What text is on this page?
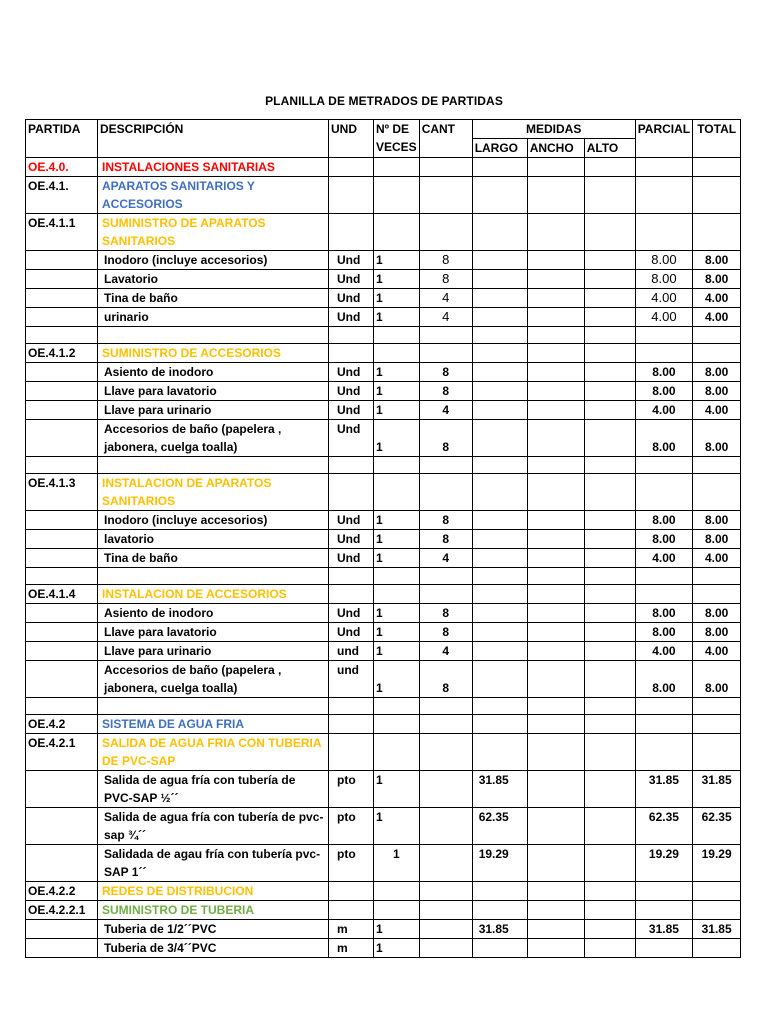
PLANILLA DE METRADOS DE PARTIDAS
PARTIDA	DESCRIPCIÓN	UND	Nº DE VECES	CANT	MEDIDAS			PARCIAL	TOTAL
					LARGO	ANCHO	ALTO		
OE.4.0.	INSTALACIONES SANITARIAS								
OE.4.1.	APARATOS SANITARIOS Y ACCESORIOS								
OE.4.1.1	SUMINISTRO DE APARATOS SANITARIOS								
	Inodoro (incluye accesorios)	Und	1	8				8.00	8.00
	Lavatorio	Und	1	8				8.00	8.00
	Tina de baño	Und	1	4				4.00	4.00
	urinario	Und	1	4				4.00	4.00

OE.4.1.2	SUMINISTRO DE ACCESORIOS								
	Asiento de inodoro	Und	1	8				8.00	8.00
	Llave para lavatorio	Und	1	8				8.00	8.00
	Llave para urinario	Und	1	4				4.00	4.00
	Accesorios de baño (papelera , jabonera, cuelga toalla)	Und	1	8				8.00	8.00

OE.4.1.3	INSTALACION DE APARATOS SANITARIOS								
	Inodoro (incluye accesorios)	Und	1	8				8.00	8.00
	lavatorio	Und	1	8				8.00	8.00
	Tina de baño	Und	1	4				4.00	4.00

OE.4.1.4	INSTALACION DE ACCESORIOS								
	Asiento de inodoro	Und	1	8				8.00	8.00
	Llave para lavatorio	Und	1	8				8.00	8.00
	Llave para urinario	und	1	4				4.00	4.00
	Accesorios de baño (papelera , jabonera, cuelga toalla)	und	1	8				8.00	8.00

OE.4.2	SISTEMA DE AGUA FRIA								
OE.4.2.1	SALIDA DE AGUA FRIA CON TUBERIA DE PVC-SAP								
	Salida de agua fría con tubería de PVC-SAP ½´´	pto	1		31.85			31.85	31.85
	Salida de agua fría con tubería de pvc-sap ¾´´	pto	1		62.35			62.35	62.35
	Salidada de agau fría con tubería pvc-SAP 1´´	pto	1		19.29			19.29	19.29
OE.4.2.2	REDES DE DISTRIBUCION								
OE.4.2.2.1	SUMINISTRO DE TUBERIA								
	Tuberia de 1/2´´PVC	m	1		31.85			31.85	31.85
	Tuberia de 3/4´´PVC	m	1						
